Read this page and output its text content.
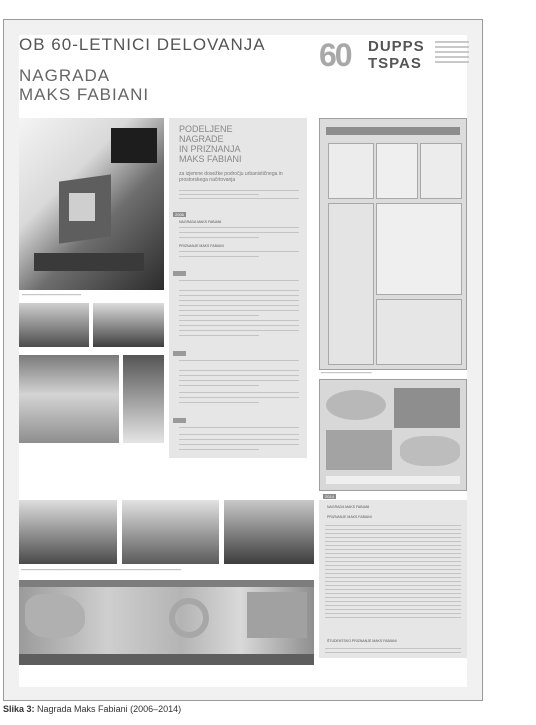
OB 60-LETNICI DELOVANJA
NAGRADA
MAKS FABIANI
60 DUPPS
TSPAS
━━━━━━━━━━━━━━━━━━━━━━━━━━━━
PODELJENE
NAGRADE
IN PRIZNANJA
MAKS FABIANI
za izjemne dosežke področju urbanističnega in prostorskega načrtovanja
2006
NAGRADA MAKS FABIANI
PRIZNANJE MAKS FABIANI
0000
0000
0000
━━━━━━━━━━━━━━━━━━━━━━━━
━━━━━━━━━━━━━━━━━━━━━━━━━━━━━━━━━━━━━━━━━━━━━━━━━━━━━━━━━━━━━━━━━━━━━━━━━━━━
2014
NAGRADA MAKS FABIANI
PRIZNANJE MAKS FABIANI
ŠTUDENTSKO PRIZNANJE MAKS FABIANI
Slika 3: Nagrada Maks Fabiani (2006–2014)
